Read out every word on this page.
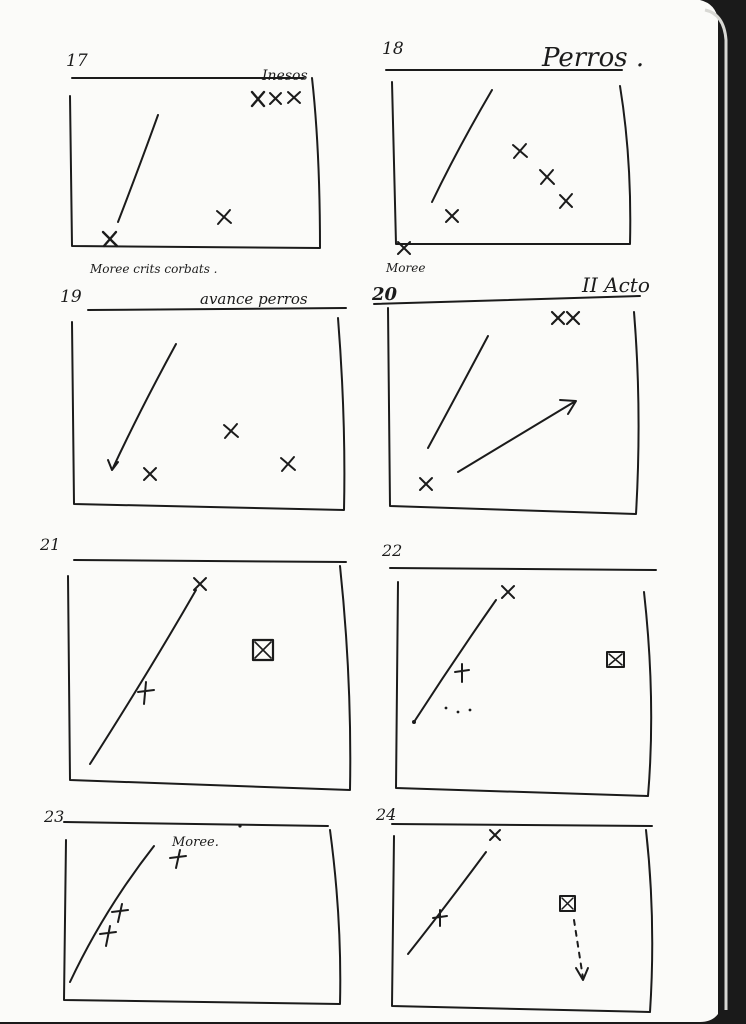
17
Inesos
Moree crits corbats .
18	Perros .
Moree
19	avance perros	20	II Acto
21	22
23
Moree.
24
